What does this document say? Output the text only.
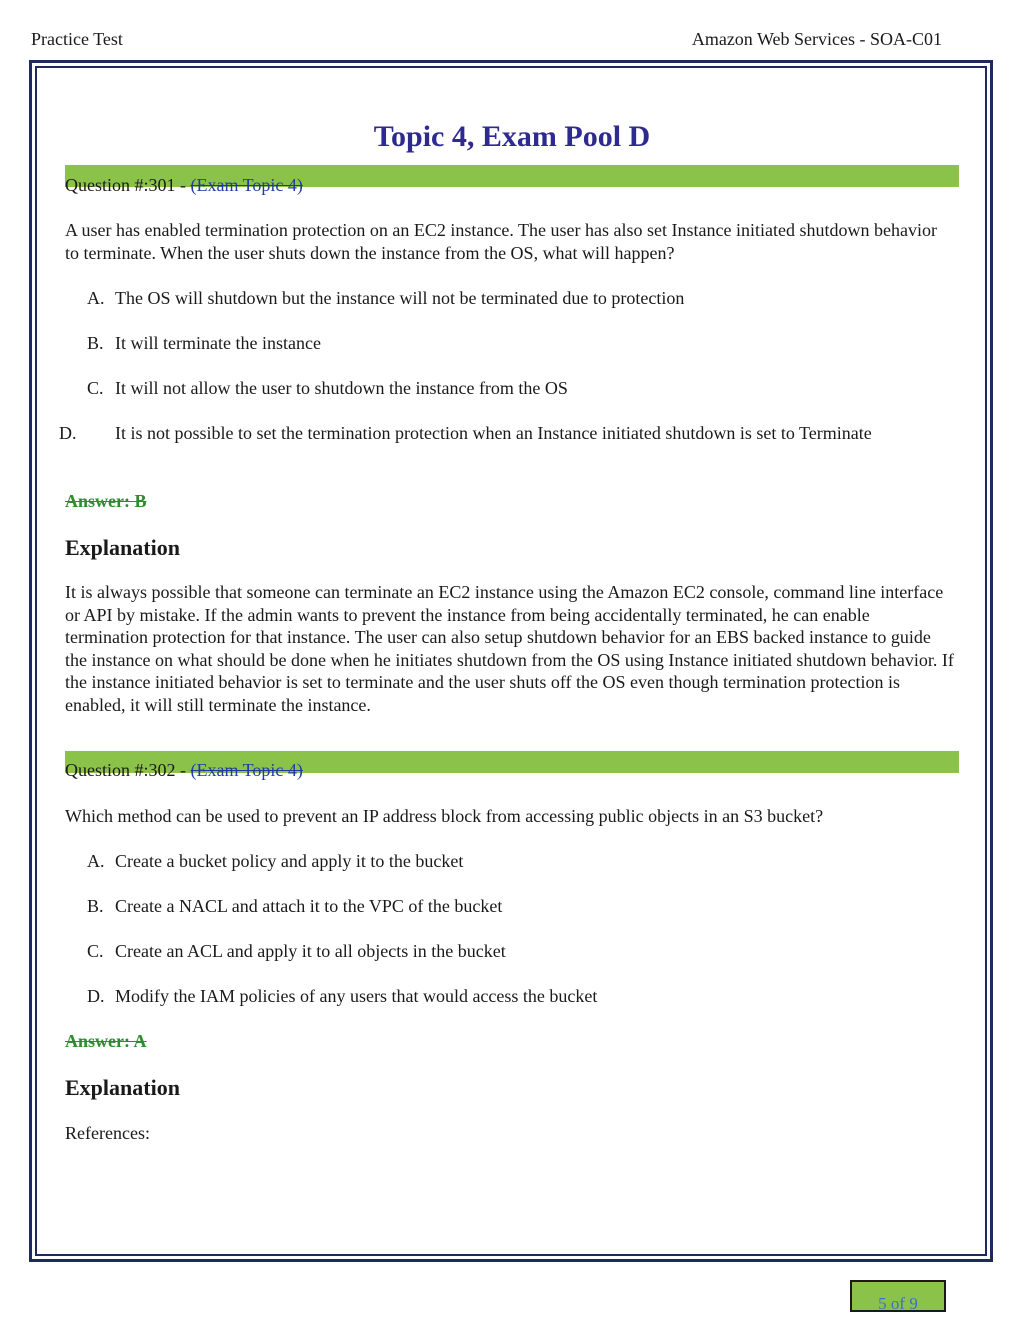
Practice Test	Amazon Web Services - SOA-C01
Topic 4, Exam Pool D
Question #:301 - (Exam Topic 4)
A user has enabled termination protection on an EC2 instance. The user has also set Instance initiated shutdown behavior to terminate. When the user shuts down the instance from the OS, what will happen?
A. The OS will shutdown but the instance will not be terminated due to protection
B. It will terminate the instance
C. It will not allow the user to shutdown the instance from the OS
D. It is not possible to set the termination protection when an Instance initiated shutdown is set to Terminate
Answer: B
Explanation
It is always possible that someone can terminate an EC2 instance using the Amazon EC2 console, command line interface or API by mistake. If the admin wants to prevent the instance from being accidentally terminated, he can enable termination protection for that instance. The user can also setup shutdown behavior for an EBS backed instance to guide the instance on what should be done when he initiates shutdown from the OS using Instance initiated shutdown behavior. If the instance initiated behavior is set to terminate and the user shuts off the OS even though termination protection is enabled, it will still terminate the instance.
Question #:302 - (Exam Topic 4)
Which method can be used to prevent an IP address block from accessing public objects in an S3 bucket?
A. Create a bucket policy and apply it to the bucket
B. Create a NACL and attach it to the VPC of the bucket
C. Create an ACL and apply it to all objects in the bucket
D. Modify the IAM policies of any users that would access the bucket
Answer: A
Explanation
References:
5 of 9
